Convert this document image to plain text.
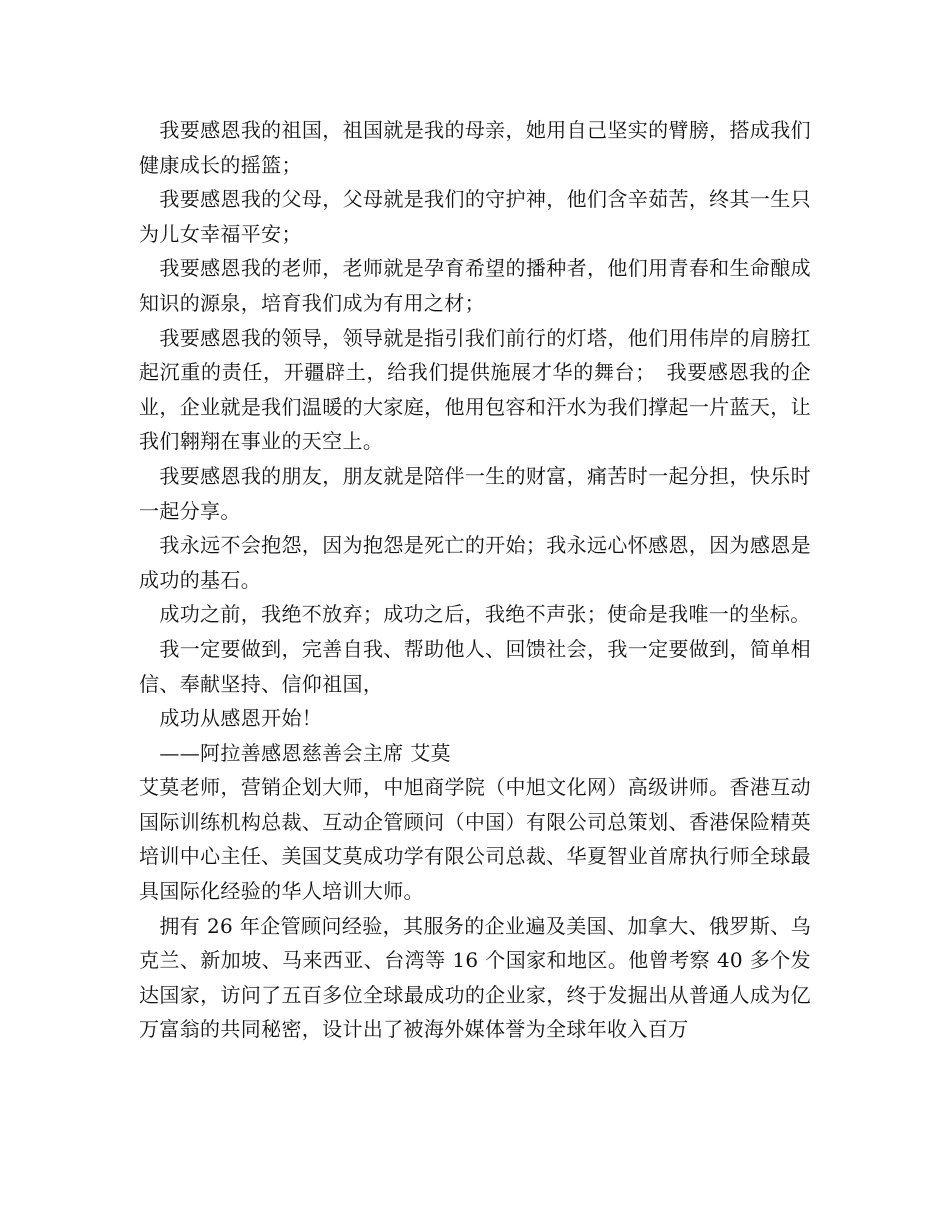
　我要感恩我的祖国，祖国就是我的母亲，她用自己坚实的臂膀，搭成我们健康成长的摇篮；

　我要感恩我的父母，父母就是我们的守护神，他们含辛茹苦，终其一生只为儿女幸福平安；

　我要感恩我的老师，老师就是孕育希望的播种者，他们用青春和生命酿成知识的源泉，培育我们成为有用之材；

　我要感恩我的领导，领导就是指引我们前行的灯塔，他们用伟岸的肩膀扛起沉重的责任，开疆辟土，给我们提供施展才华的舞台；　我要感恩我的企业，企业就是我们温暖的大家庭，他用包容和汗水为我们撑起一片蓝天，让我们翱翔在事业的天空上。

　我要感恩我的朋友，朋友就是陪伴一生的财富，痛苦时一起分担，快乐时一起分享。

　我永远不会抱怨，因为抱怨是死亡的开始；我永远心怀感恩，因为感恩是成功的基石。

　成功之前，我绝不放弃；成功之后，我绝不声张；使命是我唯一的坐标。

　我一定要做到，完善自我、帮助他人、回馈社会，我一定要做到，简单相信、奉献坚持、信仰祖国，

　成功从感恩开始！

　——阿拉善感恩慈善会主席 艾莫

艾莫老师，营销企划大师，中旭商学院（中旭文化网）高级讲师。香港互动国际训练机构总裁、互动企管顾问（中国）有限公司总策划、香港保险精英培训中心主任、美国艾莫成功学有限公司总裁、华夏智业首席执行师全球最具国际化经验的华人培训大师。

　拥有 26 年企管顾问经验，其服务的企业遍及美国、加拿大、俄罗斯、乌克兰、新加坡、马来西亚、台湾等 16 个国家和地区。他曾考察 40 多个发达国家，访问了五百多位全球最成功的企业家，终于发掘出从普通人成为亿万富翁的共同秘密，设计出了被海外媒体誉为全球年收入百万
